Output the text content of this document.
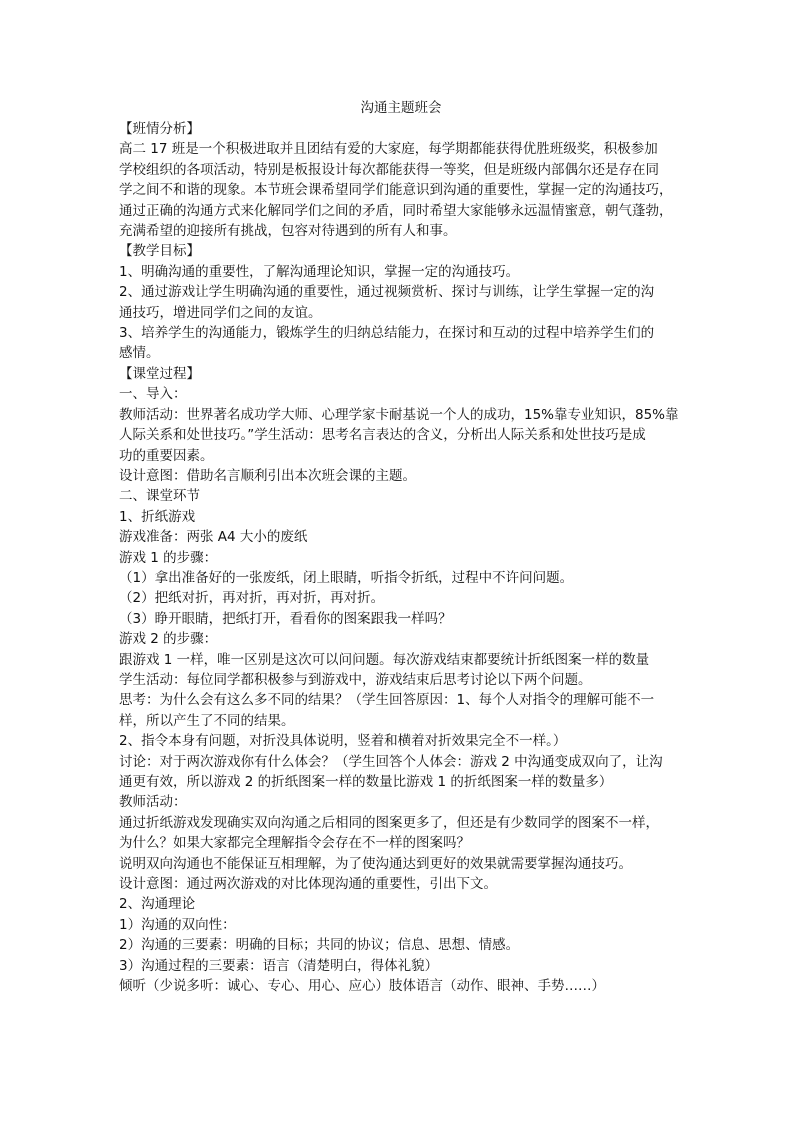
沟通主题班会
【班情分析】
高二 17 班是一个积极进取并且团结有爱的大家庭，每学期都能获得优胜班级奖，积极参加
学校组织的各项活动，特别是板报设计每次都能获得一等奖，但是班级内部偶尔还是存在同
学之间不和谐的现象。本节班会课希望同学们能意识到沟通的重要性，掌握一定的沟通技巧，
通过正确的沟通方式来化解同学们之间的矛盾，同时希望大家能够永远温情蜜意，朝气蓬勃，
充满希望的迎接所有挑战，包容对待遇到的所有人和事。
【教学目标】
1、明确沟通的重要性，了解沟通理论知识，掌握一定的沟通技巧。
2、通过游戏让学生明确沟通的重要性，通过视频赏析、探讨与训练，让学生掌握一定的沟
通技巧，增进同学们之间的友谊。
3、培养学生的沟通能力，锻炼学生的归纳总结能力，在探讨和互动的过程中培养学生们的
感情。
【课堂过程】
一、导入：
教师活动：世界著名成功学大师、心理学家卡耐基说一个人的成功，15%靠专业知识，85%靠
人际关系和处世技巧。”学生活动：思考名言表达的含义，分析出人际关系和处世技巧是成
功的重要因素。
设计意图：借助名言顺利引出本次班会课的主题。
二、课堂环节
1、折纸游戏
游戏准备：两张 A4 大小的废纸
游戏 1 的步骤：
（1）拿出准备好的一张废纸，闭上眼睛，听指令折纸，过程中不许问问题。
（2）把纸对折，再对折，再对折，再对折。
（3）睁开眼睛，把纸打开，看看你的图案跟我一样吗？
游戏 2 的步骤：
跟游戏 1 一样，唯一区别是这次可以问问题。每次游戏结束都要统计折纸图案一样的数量
学生活动：每位同学都积极参与到游戏中，游戏结束后思考讨论以下两个问题。
思考：为什么会有这么多不同的结果？（学生回答原因：1、每个人对指令的理解可能不一
样，所以产生了不同的结果。
2、指令本身有问题，对折没具体说明，竖着和横着对折效果完全不一样。）
讨论：对于两次游戏你有什么体会？（学生回答个人体会：游戏 2 中沟通变成双向了，让沟
通更有效，所以游戏 2 的折纸图案一样的数量比游戏 1 的折纸图案一样的数量多）
教师活动：
通过折纸游戏发现确实双向沟通之后相同的图案更多了，但还是有少数同学的图案不一样，
为什么？如果大家都完全理解指令会存在不一样的图案吗？
说明双向沟通也不能保证互相理解，为了使沟通达到更好的效果就需要掌握沟通技巧。
设计意图：通过两次游戏的对比体现沟通的重要性，引出下文。
2、沟通理论
1）沟通的双向性：
2）沟通的三要素：明确的目标；共同的协议；信息、思想、情感。
3）沟通过程的三要素：语言（清楚明白，得体礼貌）
倾听（少说多听：诚心、专心、用心、应心）肢体语言（动作、眼神、手势……）
